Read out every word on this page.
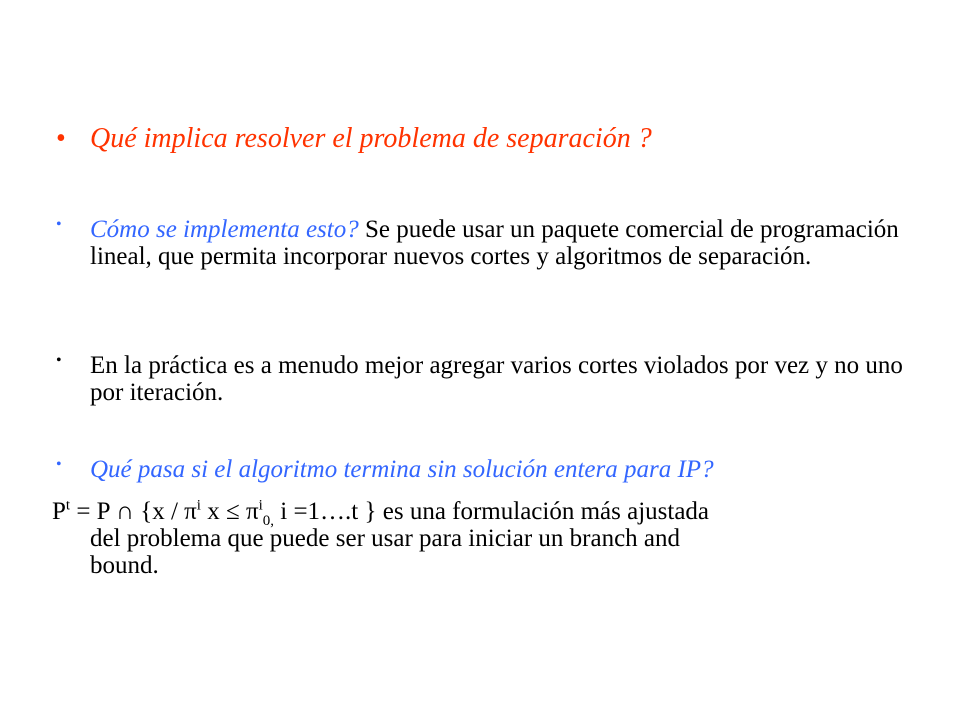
• Qué implica resolver el problema de separación ?
• Cómo se implementa esto? Se puede usar un paquete comercial de programación lineal, que permita incorporar nuevos cortes y algoritmos de separación.
• En la práctica es a menudo mejor agregar varios cortes violados por vez y no uno por iteración.
• Qué pasa si el algoritmo termina sin solución entera para IP?
$P^t = P$ ∩ {$x / \pi^i$ $x \le \pi^i_{0,}$ i =1….t } es una formulación más ajustada
del problema que puede ser usar para iniciar un branch and
bound.
